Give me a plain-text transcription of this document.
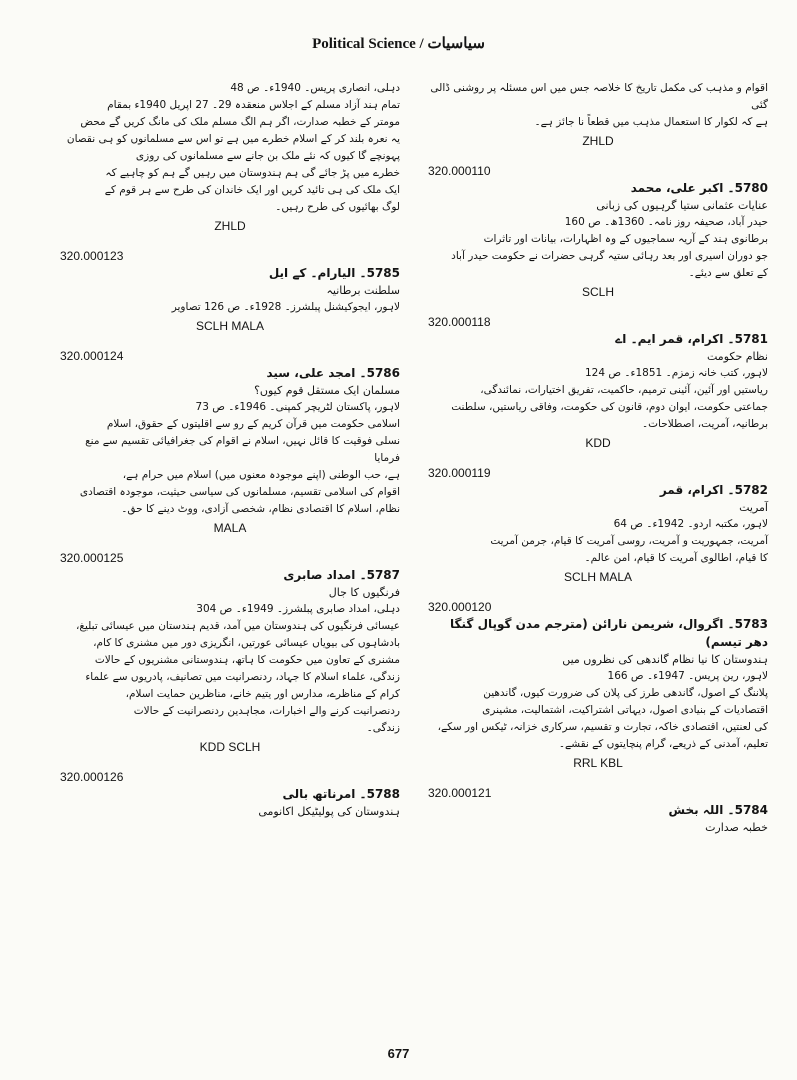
Political Science / سیاسیات

اقوام و مذہب کی مکمل تاریخ کا خلاصہ جس میں اس مسئلہ پر روشنی ڈالی گئی

ہے کہ لکوار کا استعمال مذہب میں قطعاً نا جائز ہے۔

ZHLD
320.000110
5780۔ اکبر علی، محمد

عنایات عثمانی ستیا گرہیوں کی زبانی

حیدر آباد، صحیفہ روز نامہ۔ 1360ھ۔ ص 160

برطانوی ہند کے آریہ سماجیوں کے وہ اظہارات، بیانات اور تاثرات

جو دوران اسیری اور بعد رہائی ستیہ گرہی حضرات نے حکومت حیدر آباد

کے تعلق سے دیئے۔

SCLH
320.000118
5781۔ اکرام، قمر ایم۔ اے

نظام حکومت

لاہور، کتب خانہ زمزم۔ 1851ء۔ ص 124

ریاستیں اور آئین، آئینی ترمیم، حاکمیت، تفریق اختیارات، نمائندگی،

جماعتی حکومت، ایوان دوم، قانون کی حکومت، وفاقی ریاستیں، سلطنت

برطانیہ، آمریت، اصطلاحات۔

KDD
320.000119
5782۔ اکرام، قمر

آمریت

لاہور، مکتبہ اردو۔ 1942ء۔ ص 64

آمریت، جمہوریت و آمریت، روسی آمریت کا قیام، جرمن آمریت

کا قیام، اطالوی آمریت کا قیام، امن عالم۔

SCLH MALA
320.000120
5783۔ اگروال، شریمن نارائن (مترجم مدن گوپال گنگا دھر تیسم)

ہندوستان کا نیا نظام گاندھی کی نظروں میں

لاہور، رین پریس۔ 1947ء۔ ص 166

پلاننگ کے اصول، گاندھی طرز کی پلان کی ضرورت کیوں، گاندھین

اقتصادیات کے بنیادی اصول، دیہاتی اشتراکیت، اشتمالیت، مشینری

کی لعنتیں، اقتصادی خاکہ، تجارت و تقسیم، سرکاری خزانہ، ٹیکس اور سکے،

تعلیم، آمدنی کے ذریعے، گرام پنچایتوں کے نقشے۔

RRL KBL
320.000121
5784۔ اللہ بخش

خطبہ صدارت

دہلی، انصاری پریس۔ 1940ء۔ ص 48

تمام ہند آزاد مسلم کے اجلاس منعقدہ 29۔ 27 اپریل 1940ء بمقام

مومتر کے خطبہ صدارت، اگر ہم الگ مسلم ملک کی مانگ کریں گے محض

یہ نعرہ بلند کر کے اسلام خطرے میں ہے تو اس سے مسلمانوں کو ہی نقصان

پہونچے گا کیوں کہ نئے ملک بن جانے سے مسلمانوں کی روزی

خطرے میں پڑ جائے گی ہم ہندوستان میں رہیں گے ہم کو چاہیے کہ

ایک ملک کی ہی تائید کریں اور ایک خاندان کی طرح سے ہر قوم کے

لوگ بھائیوں کی طرح رہیں۔

ZHLD
320.000123
5785۔ الیارام۔ کے ایل

سلطنت برطانیہ

لاہور، ایجوکیشنل پبلشرز۔ 1928ء۔ ص 126 تصاویر

SCLH MALA
320.000124
5786۔ امجد علی، سید

مسلمان ایک مستقل قوم کیوں؟

لاہور، پاکستان لٹریچر کمپنی۔ 1946ء۔ ص 73

اسلامی حکومت میں قرآن کریم کے رو سے اقلیتوں کے حقوق، اسلام

نسلی فوقیت کا قائل نہیں، اسلام نے اقوام کی جغرافیائی تقسیم سے منع فرمایا

ہے، حب الوطنی (اپنے موجودہ معنوں میں) اسلام میں حرام ہے،

اقوام کی اسلامی تقسیم، مسلمانوں کی سیاسی حیثیت، موجودہ اقتصادی

نظام، اسلام کا اقتصادی نظام، شخصی آزادی، ووٹ دینے کا حق۔

MALA
320.000125
5787۔ امداد صابری

فرنگیوں کا جال

دہلی، امداد صابری پبلشرز۔ 1949ء۔ ص 304

عیسائی فرنگیوں کی ہندوستان میں آمد، قدیم ہندستان میں عیسائی تبلیغ،

بادشاہوں کی بیویاں عیسائی عورتیں، انگریزی دور میں مشنری کا کام،

مشنری کے تعاون میں حکومت کا ہاتھ، ہندوستانی مشنریوں کے حالات

زندگی، علماء اسلام کا جہاد، ردنصرانیت میں تصانیف، پادریوں سے علماء

کرام کے مناظرے، مدارس اور یتیم خانے، مناظرین حمایت اسلام،

ردنصرانیت کرنے والے اخبارات، مجاہدین ردنصرانیت کے حالات

زندگی۔

KDD SCLH
320.000126
5788۔ امرناتھ بالی

ہندوستان کی پولیٹیکل اکانومی

677
